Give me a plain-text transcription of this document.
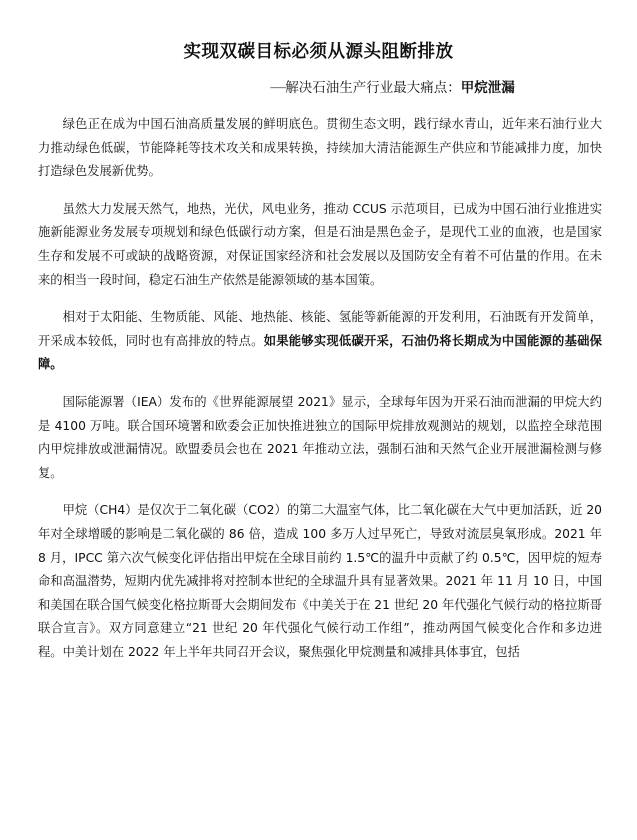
实现双碳目标必须从源头阻断排放
----------解决石油生产行业最大痛点：甲烷泄漏

绿色正在成为中国石油高质量发展的鲜明底色。贯彻生态文明，践行绿水青山，近年来石油行业大力推动绿色低碳，节能降耗等技术攻关和成果转换，持续加大清洁能源生产供应和节能减排力度，加快打造绿色发展新优势。

虽然大力发展天然气，地热，光伏，风电业务，推动 CCUS 示范项目，已成为中国石油行业推进实施新能源业务发展专项规划和绿色低碳行动方案，但是石油是黑色金子，是现代工业的血液，也是国家生存和发展不可或缺的战略资源，对保证国家经济和社会发展以及国防安全有着不可估量的作用。在未来的相当一段时间，稳定石油生产依然是能源领域的基本国策。

相对于太阳能、生物质能、风能、地热能、核能、氢能等新能源的开发利用，石油既有开发简单，开采成本较低，同时也有高排放的特点。如果能够实现低碳开采，石油仍将长期成为中国能源的基础保障。

国际能源署（IEA）发布的《世界能源展望 2021》显示，全球每年因为开采石油而泄漏的甲烷大约是 4100 万吨。联合国环境署和欧委会正加快推进独立的国际甲烷排放观测站的规划，以监控全球范围内甲烷排放或泄漏情况。欧盟委员会也在 2021 年推动立法，强制石油和天然气企业开展泄漏检测与修复。

甲烷（CH4）是仅次于二氧化碳（CO2）的第二大温室气体，比二氧化碳在大气中更加活跃，近 20 年对全球增暖的影响是二氧化碳的 86 倍，造成 100 多万人过早死亡，导致对流层臭氧形成。2021 年 8 月，IPCC 第六次气候变化评估指出甲烷在全球目前约 1.5℃的温升中贡献了约 0.5℃，因甲烷的短寿命和高温潜势，短期内优先减排将对控制本世纪的全球温升具有显著效果。2021 年 11 月 10 日，中国和美国在联合国气候变化格拉斯哥大会期间发布《中美关于在 21 世纪 20 年代强化气候行动的格拉斯哥联合宣言》。双方同意建立“21 世纪 20 年代强化气候行动工作组”，推动两国气候变化合作和多边进程。中美计划在 2022 年上半年共同召开会议，聚焦强化甲烷测量和减排具体事宜，包括
